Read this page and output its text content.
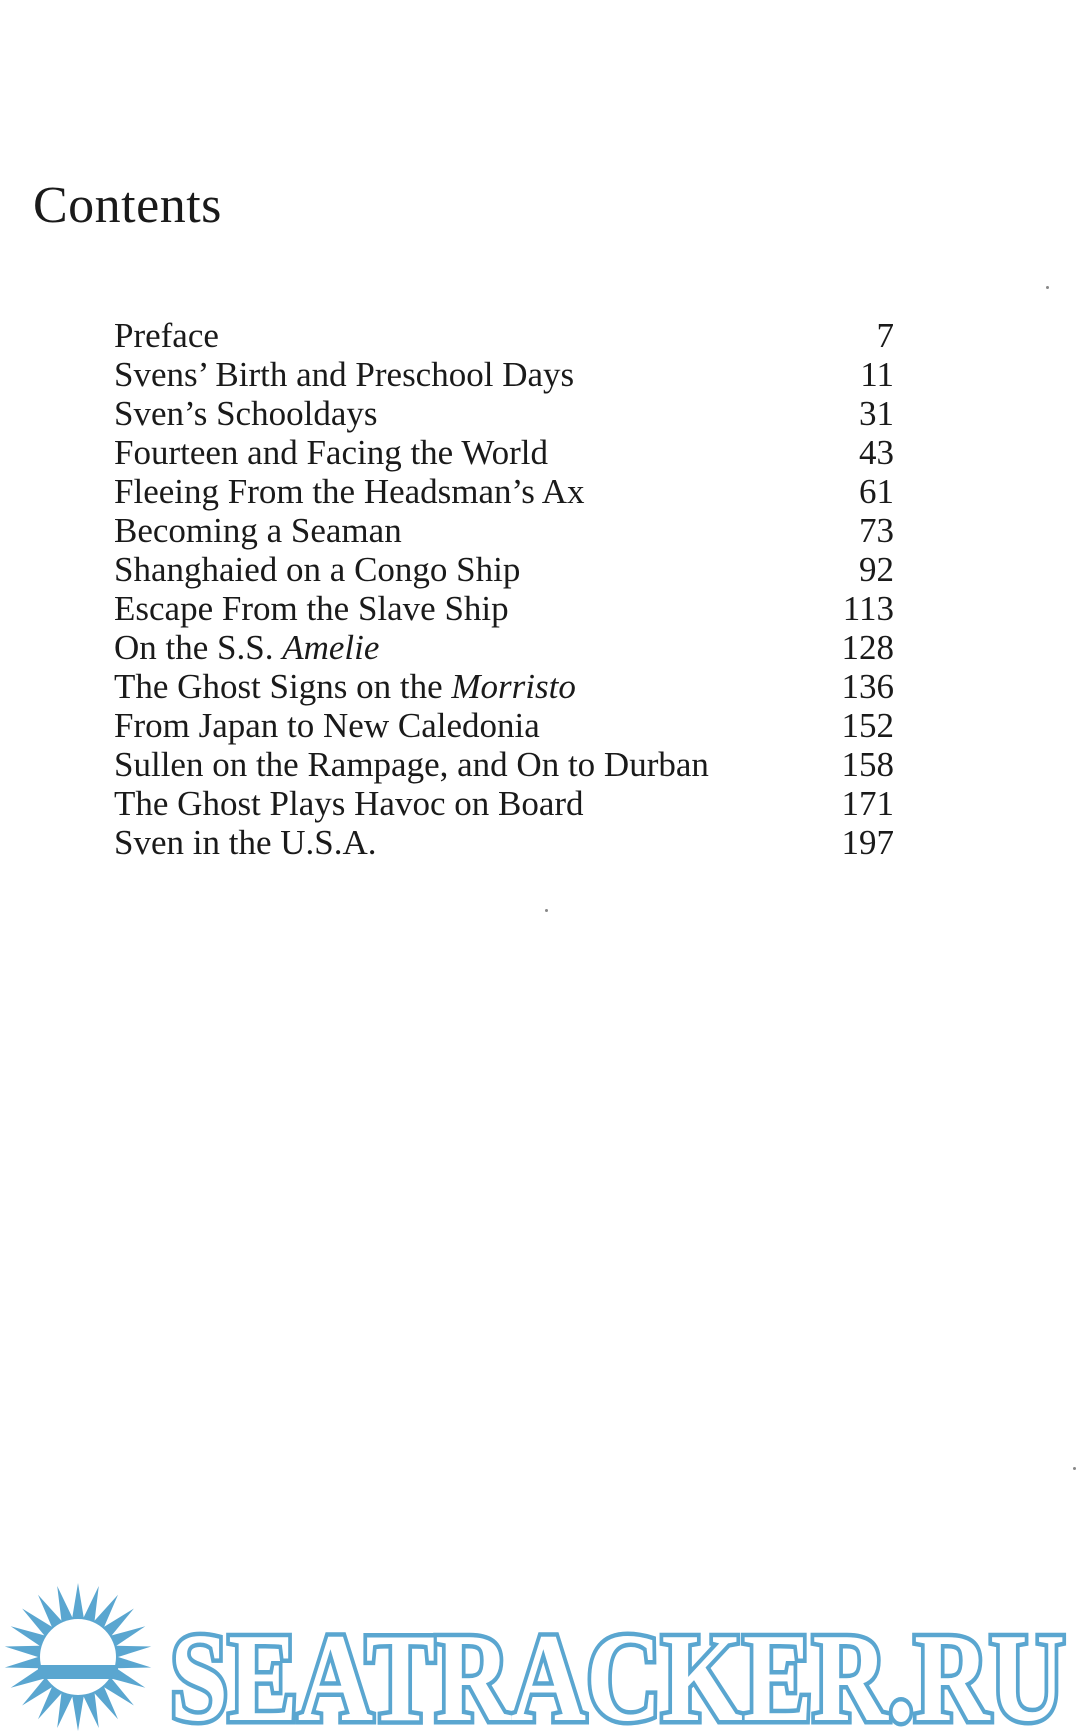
Contents
Preface	7
Svens’ Birth and Preschool Days	11
Sven’s Schooldays	31
Fourteen and Facing the World	43
Fleeing From the Headsman’s Ax	61
Becoming a Seaman	73
Shanghaied on a Congo Ship	92
Escape From the Slave Ship	113
On the S.S. Amelie	128
The Ghost Signs on the Morristo	136
From Japan to New Caledonia	152
Sullen on the Rampage, and On to Durban	158
The Ghost Plays Havoc on Board	171
Sven in the U.S.A.	197
SEATRACKER.RU
